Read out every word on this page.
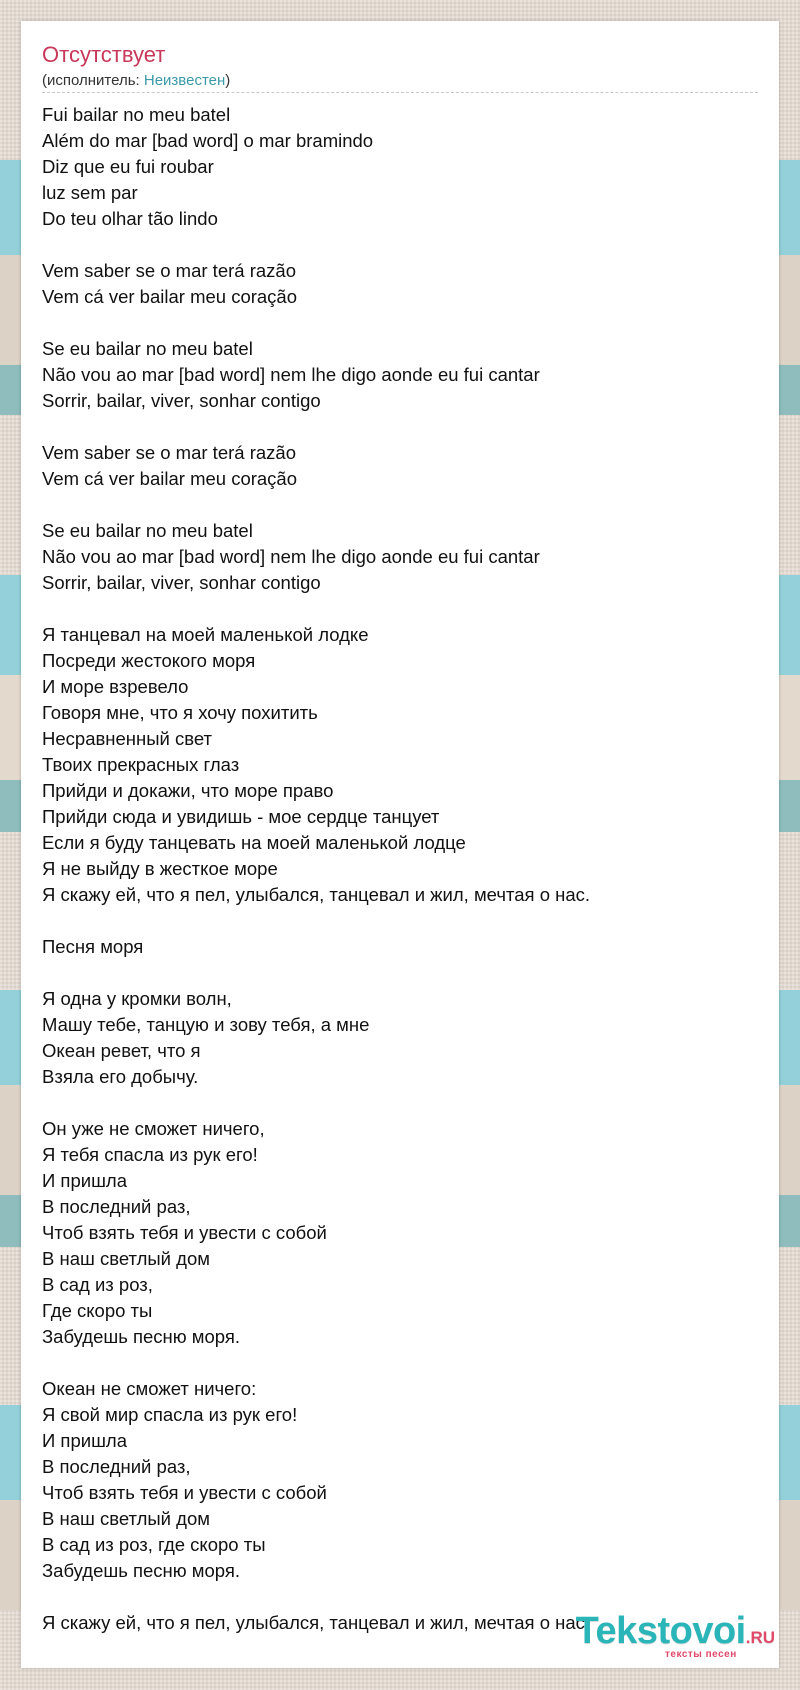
Отсутствует
(исполнитель: Неизвестен)
Fui bailar no meu batel
Além do mar [bad word] o mar bramindo
Diz que eu fui roubar
luz sem par
Do teu olhar tão lindo
Vem saber se o mar terá razão
Vem cá ver bailar meu coração
Se eu bailar no meu batel
Não vou ao mar [bad word] nem lhe digo aonde eu fui cantar
Sorrir, bailar, viver, sonhar contigo
Vem saber se o mar terá razão
Vem cá ver bailar meu coração
Se eu bailar no meu batel
Não vou ao mar [bad word] nem lhe digo aonde eu fui cantar
Sorrir, bailar, viver, sonhar contigo
Я танцевал на моей маленькой лодке
Посреди жестокого моря
И море взревело
Говоря мне, что я хочу похитить
Несравненный свет
Твоих прекрасных глаз
Прийди и докажи, что море право
Прийди сюда и увидишь - мое сердце танцует
Если я буду танцевать на моей маленькой лодце
Я не выйду в жесткое море
Я скажу ей, что я пел, улыбался, танцевал и жил, мечтая о нас.
Песня моря
Я одна у кромки волн,
Машу тебе, танцую и зову тебя, а мне
Океан ревет, что я
Взяла его добычу.
Он уже не сможет ничего,
Я тебя спасла из рук его!
И пришла
В последний раз,
Чтоб взять тебя и увести с собой
В наш светлый дом
В сад из роз,
Где скоро ты
Забудешь песню моря.
Океан не сможет ничего:
Я свой мир спасла из рук его!
И пришла
В последний раз,
Чтоб взять тебя и увести с собой
В наш светлый дом
В сад из роз, где скоро ты
Забудешь песню моря.
Я скажу ей, что я пел, улыбался, танцевал и жил, мечтая о нас.
Tekstovoi.RU
тексты песен
